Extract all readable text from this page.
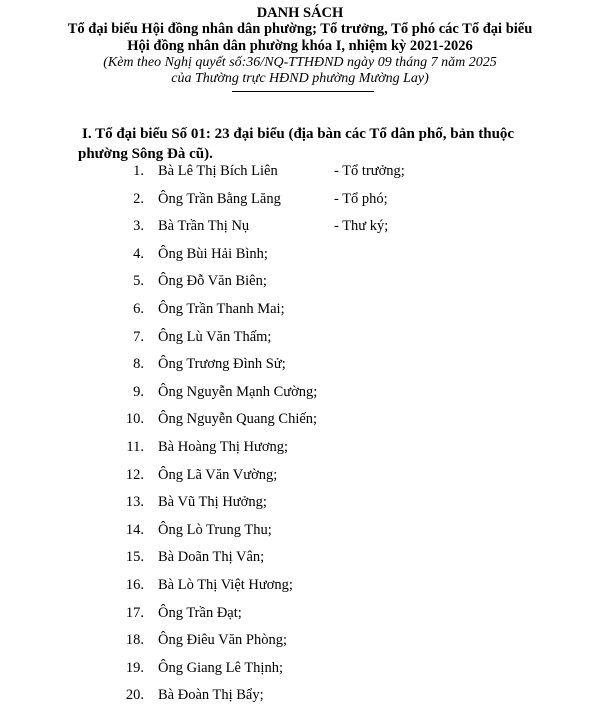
DANH SÁCH
Tổ đại biểu Hội đồng nhân dân phường; Tổ trưởng, Tổ phó các Tổ đại biểu
Hội đồng nhân dân phường khóa I, nhiệm kỳ 2021-2026
(Kèm theo Nghị quyết số:36/NQ-TTHĐND ngày 09 tháng 7 năm 2025
của Thường trực HĐND phường Mường Lay)
I. Tổ đại biểu Số 01: 23 đại biểu (địa bàn các Tổ dân phố, bản thuộc
phường Sông Đà cũ).
1. Bà Lê Thị Bích Liên	- Tổ trưởng;
2. Ông Trần Bằng Lăng	- Tổ phó;
3. Bà Trần Thị Nụ	- Thư ký;
4. Ông Bùi Hải Bình;
5. Ông Đỗ Văn Biên;
6. Ông Trần Thanh Mai;
7. Ông Lù Văn Thấm;
8. Ông Trương Đình Sử;
9. Ông Nguyễn Mạnh Cường;
10. Ông Nguyễn Quang Chiến;
11. Bà Hoàng Thị Hương;
12. Ông Lã Văn Vường;
13. Bà Vũ Thị Hưởng;
14. Ông Lò Trung Thu;
15. Bà Doãn Thị Vân;
16. Bà Lò Thị Việt Hương;
17. Ông Trần Đạt;
18. Ông Điêu Văn Phòng;
19. Ông Giang Lê Thịnh;
20. Bà Đoàn Thị Bẩy;
